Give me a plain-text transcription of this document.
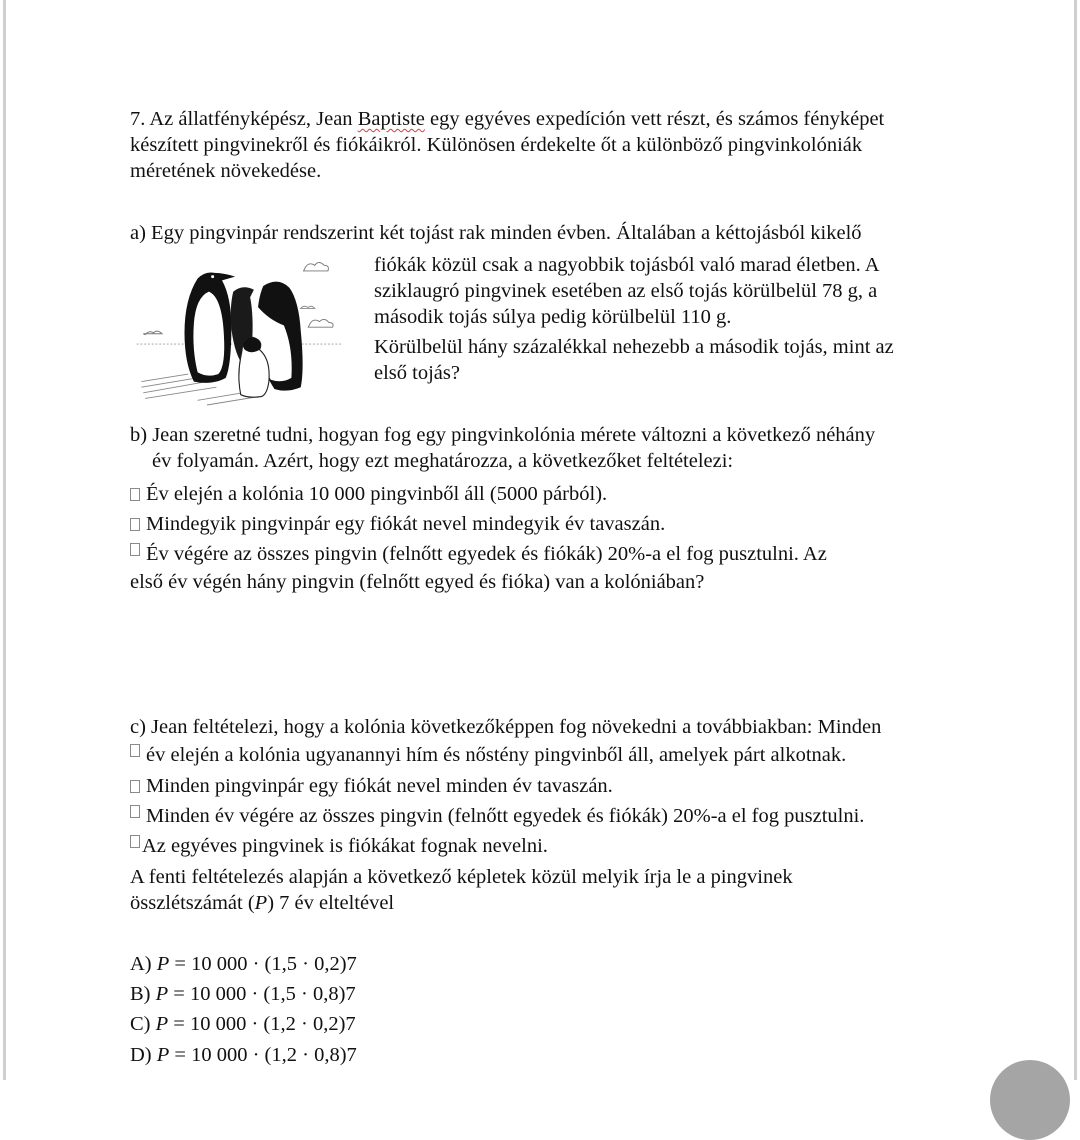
7. Az állatfényképész, Jean Baptiste egy egyéves expedíción vett részt, és számos fényképet
készített pingvinekről és fiókáikról. Különösen érdekelte őt a különböző pingvinkolóniák
méretének növekedése.
a) Egy pingvinpár rendszerint két tojást rak minden évben. Általában a kéttojásból kikelő
fiókák közül csak a nagyobbik tojásból való marad életben. A
sziklaugró pingvinek esetében az első tojás körülbelül 78 g, a
második tojás súlya pedig körülbelül 110 g.
Körülbelül hány százalékkal nehezebb a második tojás, mint az
első tojás?
b) Jean szeretné tudni, hogyan fog egy pingvinkolónia mérete változni a következő néhány
év folyamán. Azért, hogy ezt meghatározza, a következőket feltételezi:
Év elején a kolónia 10 000 pingvinből áll (5000 párból).
Mindegyik pingvinpár egy fiókát nevel mindegyik év tavaszán.
Év végére az összes pingvin (felnőtt egyedek és fiókák) 20%-a el fog pusztulni. Az
első év végén hány pingvin (felnőtt egyed és fióka) van a kolóniában?
c) Jean feltételezi, hogy a kolónia következőképpen fog növekedni a továbbiakban: Minden
év elején a kolónia ugyanannyi hím és nőstény pingvinből áll, amelyek párt alkotnak.
Minden pingvinpár egy fiókát nevel minden év tavaszán.
Minden év végére az összes pingvin (felnőtt egyedek és fiókák) 20%-a el fog pusztulni.
Az egyéves pingvinek is fiókákat fognak nevelni.
A fenti feltételezés alapján a következő képletek közül melyik írja le a pingvinek
összlétszámát (P) 7 év elteltével
A) P = 10 000 · (1,5 · 0,2)7
B) P = 10 000 · (1,5 · 0,8)7
C) P = 10 000 · (1,2 · 0,2)7
D) P = 10 000 · (1,2 · 0,8)7
